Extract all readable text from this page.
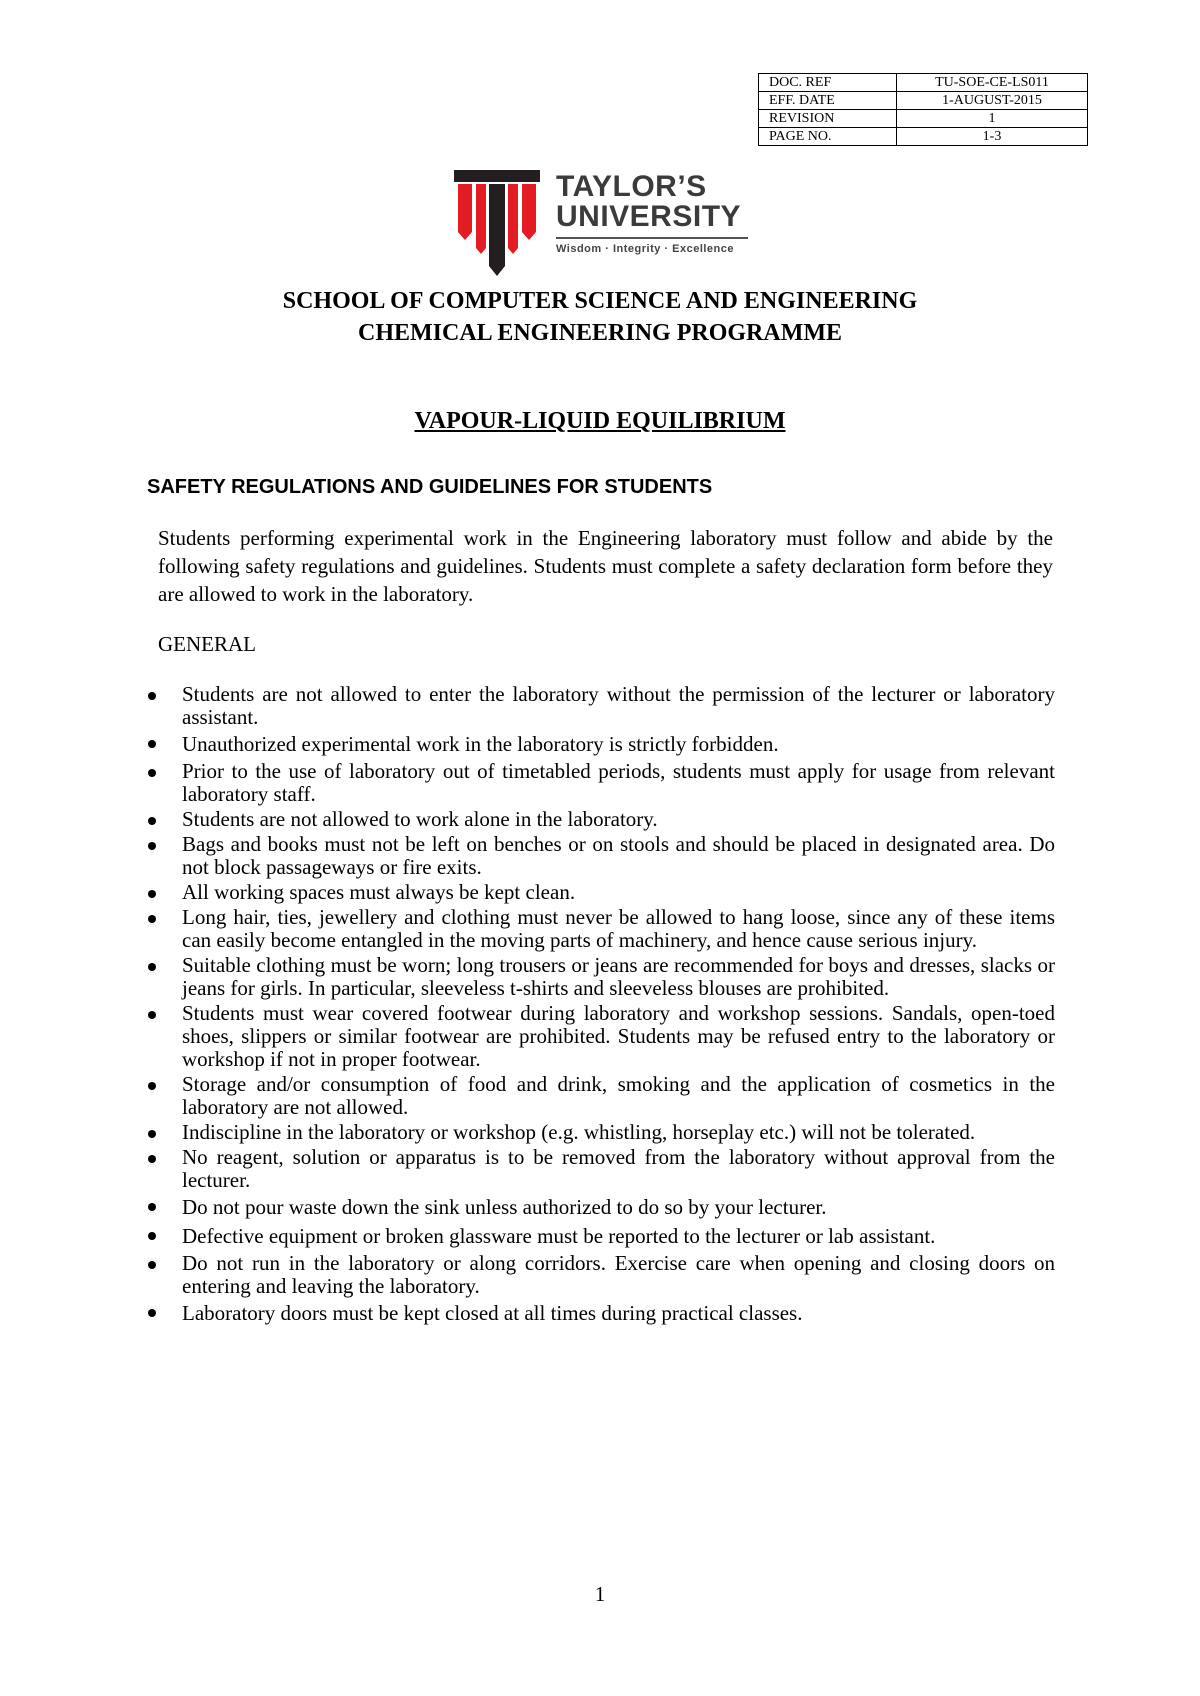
DOC. REF	TU-SOE-CE-LS011
EFF. DATE	1-AUGUST-2015
REVISION	1
PAGE NO.	1-3
TAYLOR’S
UNIVERSITY
Wisdom · Integrity · Excellence
SCHOOL OF COMPUTER SCIENCE AND ENGINEERING
CHEMICAL ENGINEERING PROGRAMME
VAPOUR-LIQUID EQUILIBRIUM
SAFETY REGULATIONS AND GUIDELINES FOR STUDENTS
Students performing experimental work in the Engineering laboratory must follow and abide by the following safety regulations and guidelines. Students must complete a safety declaration form before they are allowed to work in the laboratory.
GENERAL
Students are not allowed to enter the laboratory without the permission of the lecturer or laboratory assistant.
Unauthorized experimental work in the laboratory is strictly forbidden.
Prior to the use of laboratory out of timetabled periods, students must apply for usage from relevant laboratory staff.
Students are not allowed to work alone in the laboratory.
Bags and books must not be left on benches or on stools and should be placed in designated area. Do not block passageways or fire exits.
All working spaces must always be kept clean.
Long hair, ties, jewellery and clothing must never be allowed to hang loose, since any of these items can easily become entangled in the moving parts of machinery, and hence cause serious injury.
Suitable clothing must be worn; long trousers or jeans are recommended for boys and dresses, slacks or jeans for girls. In particular, sleeveless t-shirts and sleeveless blouses are prohibited.
Students must wear covered footwear during laboratory and workshop sessions. Sandals, open-toed shoes, slippers or similar footwear are prohibited. Students may be refused entry to the laboratory or workshop if not in proper footwear.
Storage and/or consumption of food and drink, smoking and the application of cosmetics in the laboratory are not allowed.
Indiscipline in the laboratory or workshop (e.g. whistling, horseplay etc.) will not be tolerated.
No reagent, solution or apparatus is to be removed from the laboratory without approval from the lecturer.
Do not pour waste down the sink unless authorized to do so by your lecturer.
Defective equipment or broken glassware must be reported to the lecturer or lab assistant.
Do not run in the laboratory or along corridors. Exercise care when opening and closing doors on entering and leaving the laboratory.
Laboratory doors must be kept closed at all times during practical classes.
1
